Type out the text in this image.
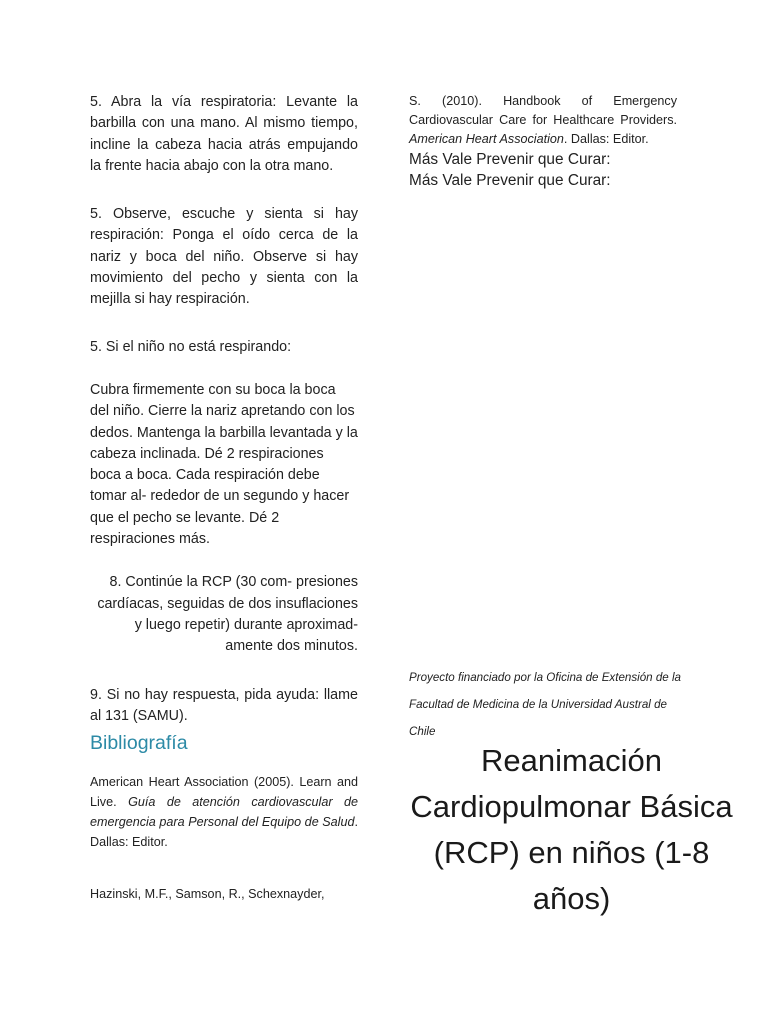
5. Abra la vía respiratoria: Levante la barbilla con una mano. Al mismo tiempo, incline la cabeza hacia atrás empujando la frente hacia abajo con la otra mano.

5. Observe, escuche y sienta si hay respiración: Ponga el oído cerca de la nariz y boca del niño. Observe si hay movimiento del pecho y sienta con la mejilla si hay respiración.

5. Si el niño no está respirando:

Cubra firmemente con su boca la boca del niño. Cierre la nariz apretando con los dedos. Mantenga la barbilla levantada y la cabeza inclinada. Dé 2 respiraciones boca a boca. Cada respiración debe tomar al- rededor de un segundo y hacer que el pecho se levante. Dé 2 respiraciones más.

8. Continúe la RCP (30 com- presiones cardíacas, seguidas de dos insuflaciones y luego repetir) durante aproximad- amente dos minutos.

9. Si no hay respuesta, pida ayuda: llame al 131 (SAMU).

Bibliografía

American Heart Association (2005). Learn and Live. Guía de atención cardiovascular de emergencia para Personal del Equipo de Salud. Dallas: Editor.

Hazinski, M.F., Samson, R., Schexnayder,

S. (2010). Handbook of Emergency Cardiovascular Care for Healthcare Providers. American Heart Association. Dallas: Editor.

Más Vale Prevenir que Curar:

Más Vale Prevenir que Curar:

Proyecto financiado por la Oficina de Extensión de la Facultad de Medicina de la Universidad Austral de Chile

Reanimación Cardiopulmonar Básica (RCP) en niños (1-8 años)
